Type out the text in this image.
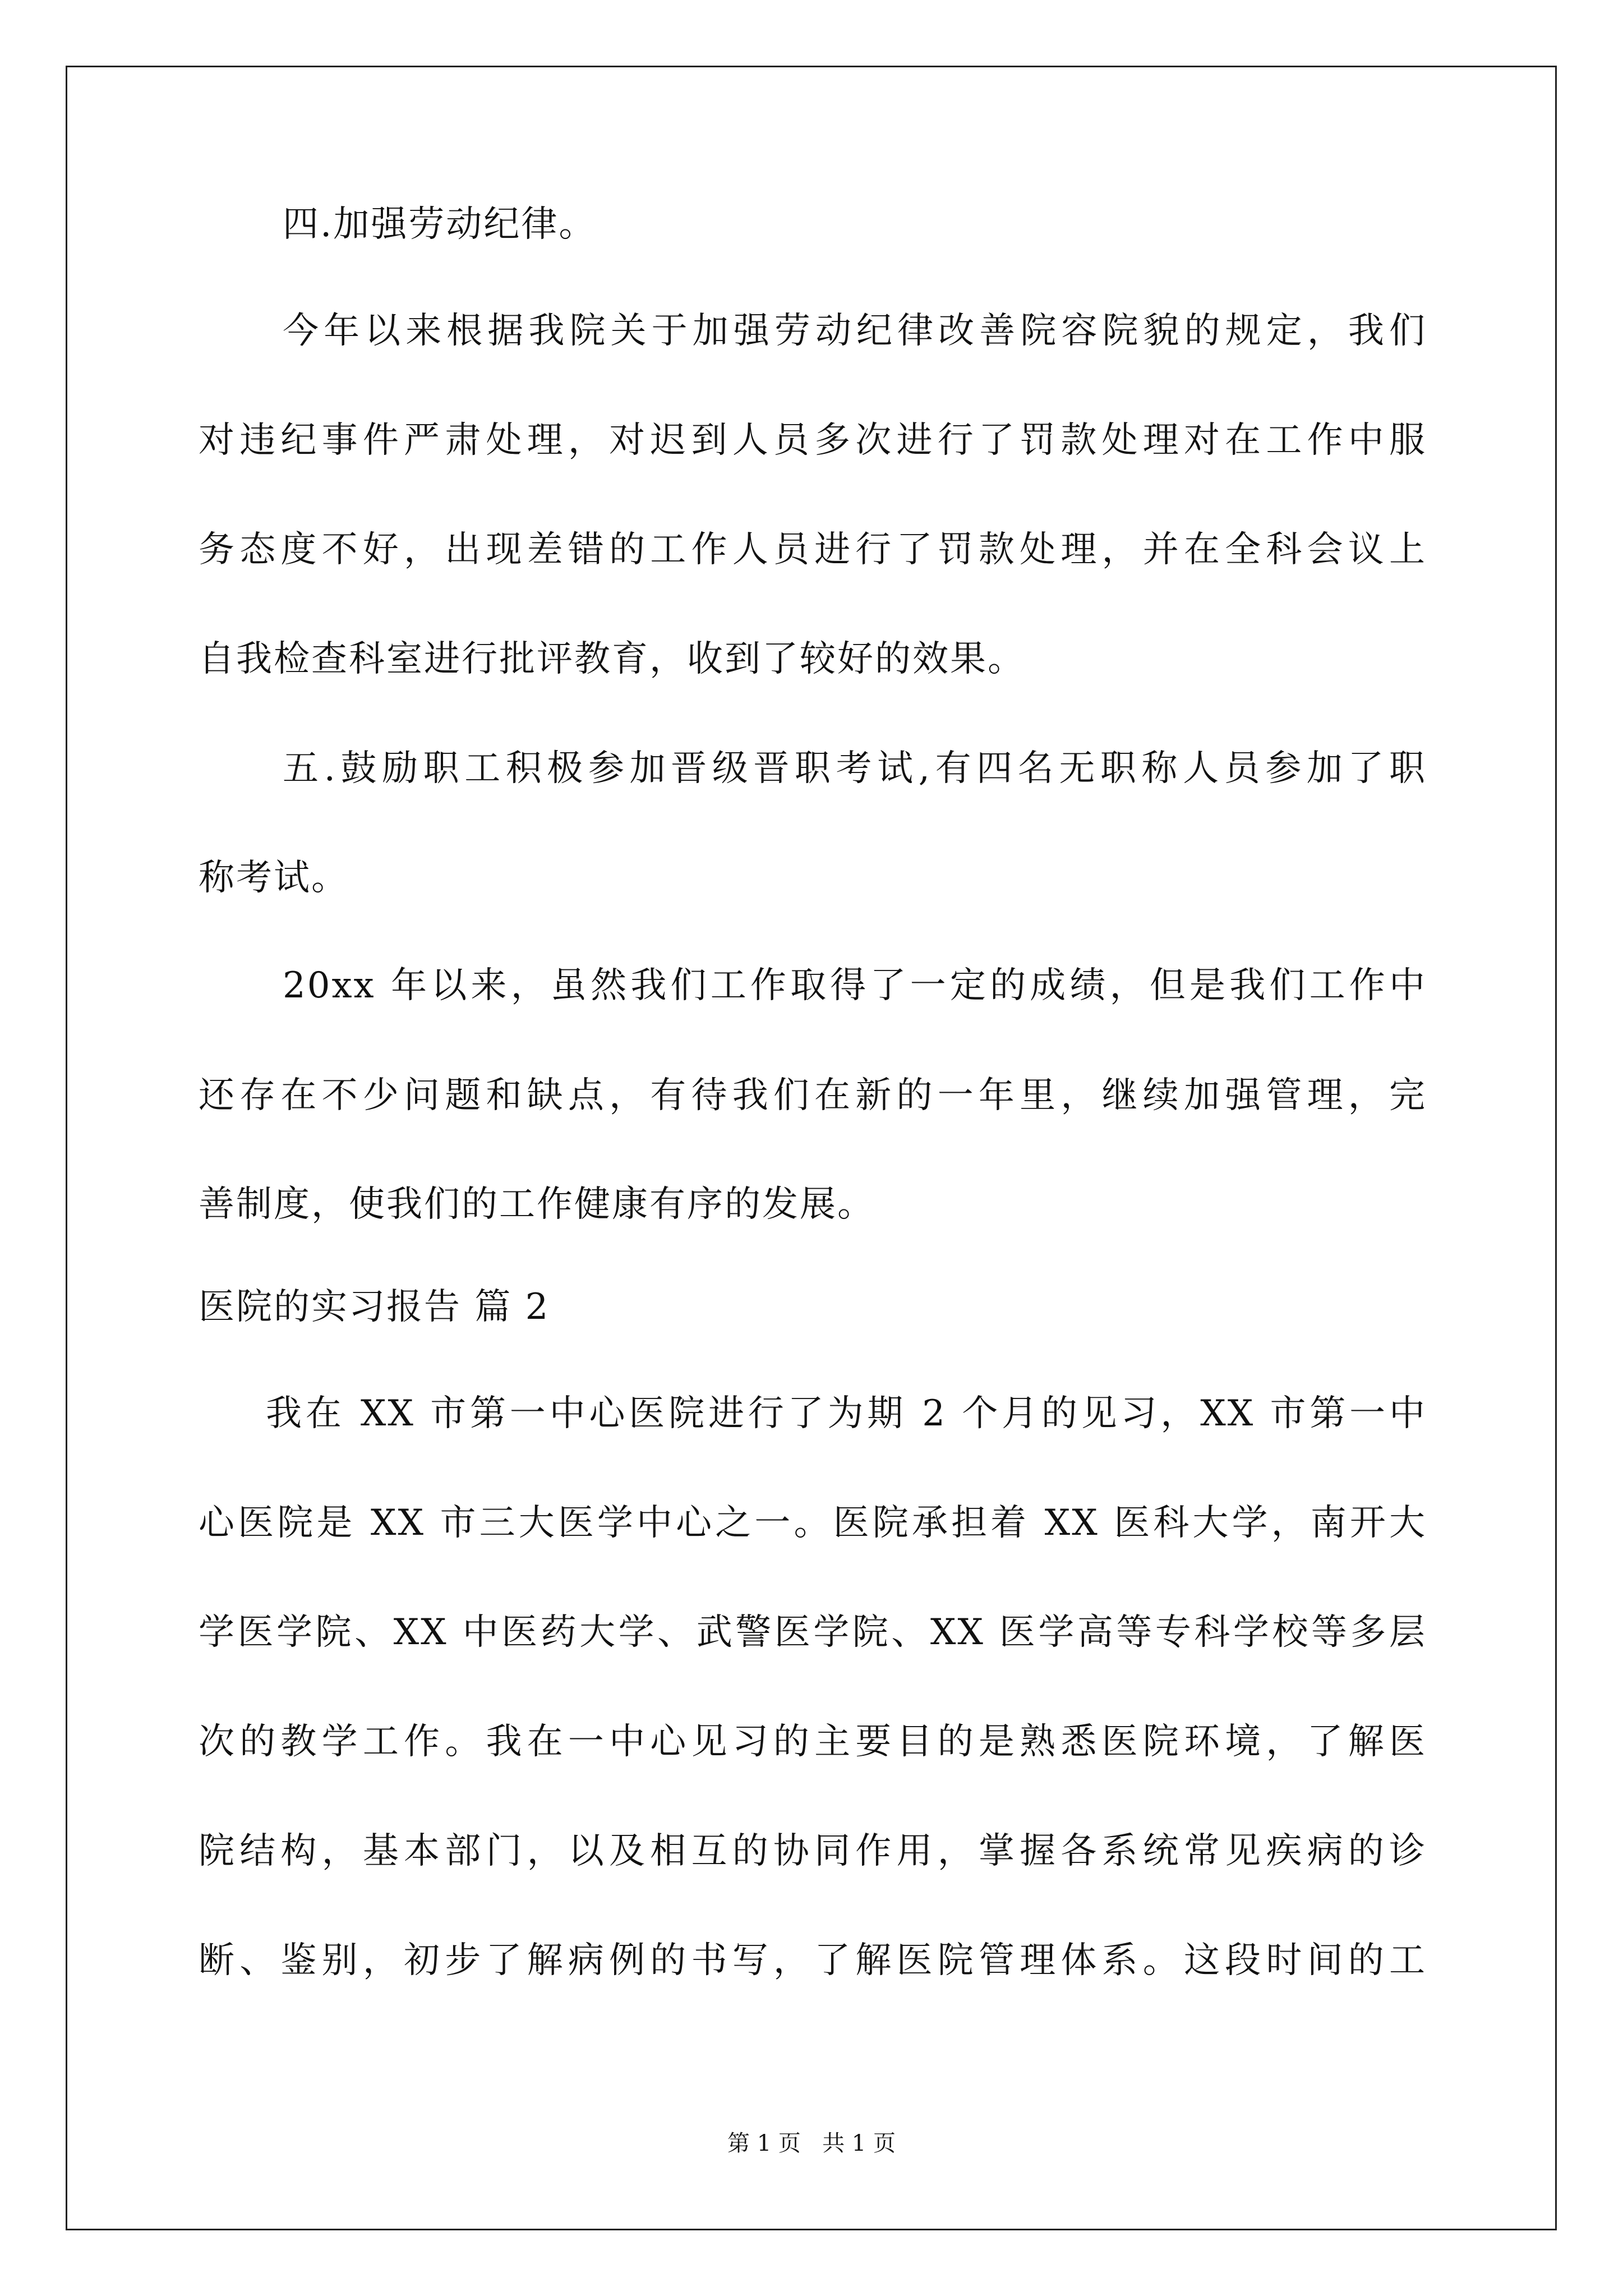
四.加强劳动纪律。
今年以来根据我院关于加强劳动纪律改善院容院貌的规定，我们
对违纪事件严肃处理，对迟到人员多次进行了罚款处理对在工作中服
务态度不好，出现差错的工作人员进行了罚款处理，并在全科会议上
自我检查科室进行批评教育，收到了较好的效果。
五.鼓励职工积极参加晋级晋职考试,有四名无职称人员参加了职
称考试。
20xx 年以来，虽然我们工作取得了一定的成绩，但是我们工作中
还存在不少问题和缺点，有待我们在新的一年里，继续加强管理，完
善制度，使我们的工作健康有序的发展。
医院的实习报告 篇 2
我在 XX 市第一中心医院进行了为期 2 个月的见习，XX 市第一中
心医院是 XX 市三大医学中心之一。医院承担着 XX 医科大学，南开大
学医学院、XX 中医药大学、武警医学院、XX 医学高等专科学校等多层
次的教学工作。我在一中心见习的主要目的是熟悉医院环境，了解医
院结构，基本部门，以及相互的协同作用，掌握各系统常见疾病的诊
断、鉴别，初步了解病例的书写，了解医院管理体系。这段时间的工
第 1 页   共 1 页
